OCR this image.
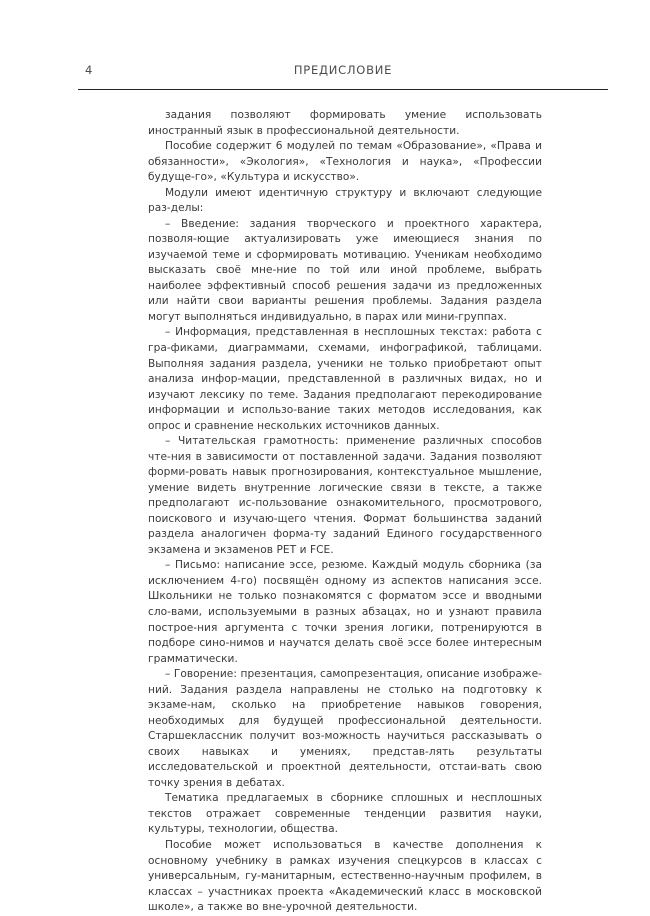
4	ПРЕДИСЛОВИЕ

задания позволяют формировать умение использовать иностранный язык в профессиональной деятельности.

Пособие содержит 6 модулей по темам «Образование», «Права и обязанности», «Экология», «Технология и наука», «Профессии будуще-го», «Культура и искусство».

Модули имеют идентичную структуру и включают следующие раз-делы:

– Введение: задания творческого и проектного характера, позволя-ющие актуализировать уже имеющиеся знания по изучаемой теме и сформировать мотивацию. Ученикам необходимо высказать своё мне-ние по той или иной проблеме, выбрать наиболее эффективный способ решения задачи из предложенных или найти свои варианты решения проблемы. Задания раздела могут выполняться индивидуально, в парах или мини-группах.

– Информация, представленная в несплошных текстах: работа с гра-фиками, диаграммами, схемами, инфографикой, таблицами. Выполняя задания раздела, ученики не только приобретают опыт анализа инфор-мации, представленной в различных видах, но и изучают лексику по теме. Задания предполагают перекодирование информации и использо-вание таких методов исследования, как опрос и сравнение нескольких источников данных.

– Читательская грамотность: применение различных способов чте-ния в зависимости от поставленной задачи. Задания позволяют форми-ровать навык прогнозирования, контекстуальное мышление, умение видеть внутренние логические связи в тексте, а также предполагают ис-пользование ознакомительного, просмотрового, поискового и изучаю-щего чтения. Формат большинства заданий раздела аналогичен форма-ту заданий Единого государственного экзамена и экзаменов PET и FCE.

– Письмо: написание эссе, резюме. Каждый модуль сборника (за исключением 4-го) посвящён одному из аспектов написания эссе. Школьники не только познакомятся с форматом эссе и вводными сло-вами, используемыми в разных абзацах, но и узнают правила построе-ния аргумента с точки зрения логики, потренируются в подборе сино-нимов и научатся делать своё эссе более интересным грамматически.

– Говорение: презентация, самопрезентация, описание изображе-ний. Задания раздела направлены не столько на подготовку к экзаме-нам, сколько на приобретение навыков говорения, необходимых для будущей профессиональной деятельности. Старшеклассник получит воз-можность научиться рассказывать о своих навыках и умениях, представ-лять результаты исследовательской и проектной деятельности, отстаи-вать свою точку зрения в дебатах.

Тематика предлагаемых в сборнике сплошных и несплошных текстов отражает современные тенденции развития науки, культуры, технологии, общества.

Пособие может использоваться в качестве дополнения к основному учебнику в рамках изучения спецкурсов в классах с универсальным, гу-манитарным, естественно-научным профилем, в классах – участниках проекта «Академический класс в московской школе», а также во вне-урочной деятельности.
